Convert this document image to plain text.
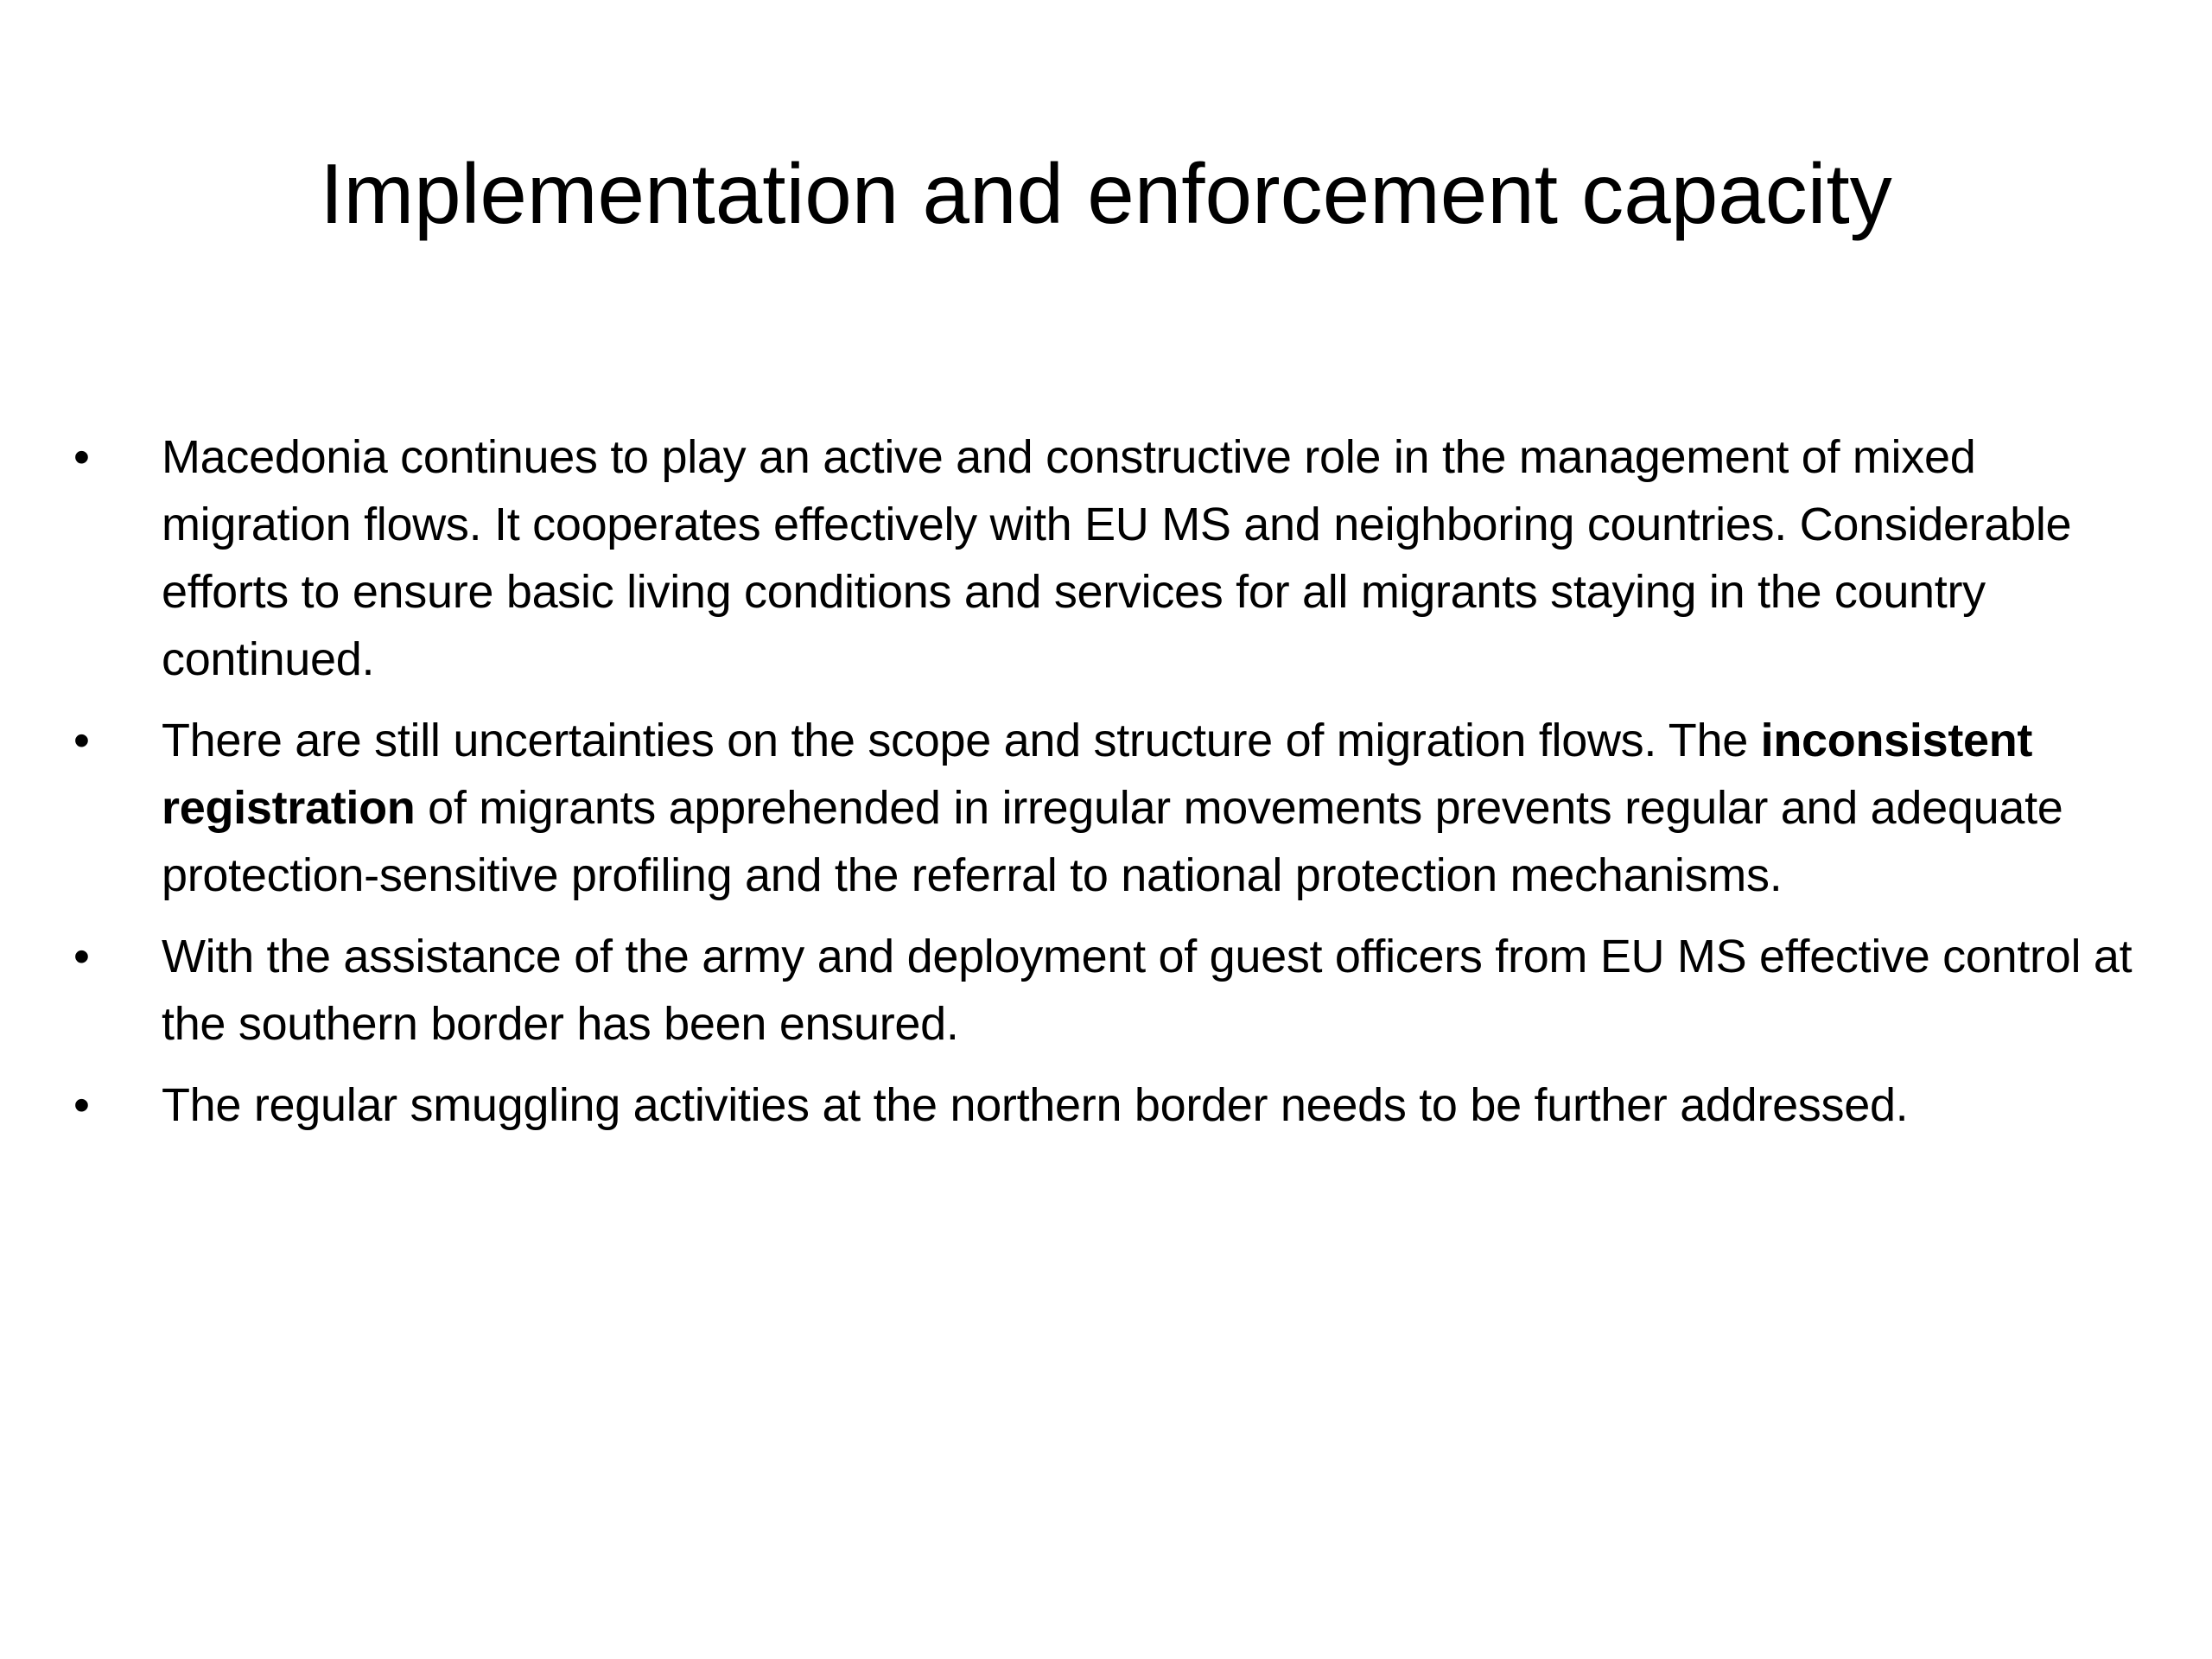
Implementation and enforcement capacity
•	Macedonia continues to play an active and constructive role in the management of mixed migration flows. It cooperates effectively with EU MS and neighboring countries. Considerable efforts to ensure basic living conditions and services for all migrants staying in the country continued.
•	There are still uncertainties on the scope and structure of migration flows. The inconsistent registration of migrants apprehended in irregular movements prevents regular and adequate protection-sensitive profiling and the referral to national protection mechanisms.
•	With the assistance of the army and deployment of guest officers from EU MS effective control at the southern border has been ensured.
•	The regular smuggling activities at the northern border needs to be further addressed.
